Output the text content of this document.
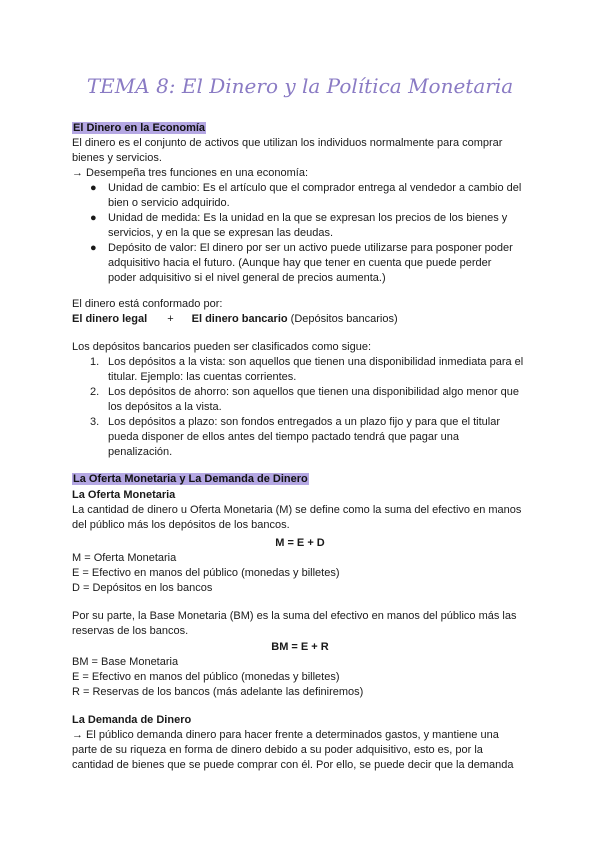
TEMA 8: El Dinero y la Política Monetaria
El Dinero en la Economía
El dinero es el conjunto de activos que utilizan los individuos normalmente para comprar
bienes y servicios.
→ Desempeña tres funciones en una economía:
● Unidad de cambio: Es el artículo que el comprador entrega al vendedor a cambio del
bien o servicio adquirido.
● Unidad de medida: Es la unidad en la que se expresan los precios de los bienes y
servicios, y en la que se expresan las deudas.
● Depósito de valor: El dinero por ser un activo puede utilizarse para posponer poder
adquisitivo hacia el futuro. (Aunque hay que tener en cuenta que puede perder
poder adquisitivo si el nivel general de precios aumenta.)
El dinero está conformado por:
El dinero legal + El dinero bancario (Depósitos bancarios)
Los depósitos bancarios pueden ser clasificados como sigue:
1. Los depósitos a la vista: son aquellos que tienen una disponibilidad inmediata para el
titular. Ejemplo: las cuentas corrientes.
2. Los depósitos de ahorro: son aquellos que tienen una disponibilidad algo menor que
los depósitos a la vista.
3. Los depósitos a plazo: son fondos entregados a un plazo fijo y para que el titular
pueda disponer de ellos antes del tiempo pactado tendrá que pagar una
penalización.
La Oferta Monetaria y La Demanda de Dinero
La Oferta Monetaria
La cantidad de dinero u Oferta Monetaria (M) se define como la suma del efectivo en manos
del público más los depósitos de los bancos.
M = E + D
M = Oferta Monetaria
E = Efectivo en manos del público (monedas y billetes)
D = Depósitos en los bancos
Por su parte, la Base Monetaria (BM) es la suma del efectivo en manos del público más las
reservas de los bancos.
BM = E + R
BM = Base Monetaria
E = Efectivo en manos del público (monedas y billetes)
R = Reservas de los bancos (más adelante las definiremos)
La Demanda de Dinero
→ El público demanda dinero para hacer frente a determinados gastos, y mantiene una
parte de su riqueza en forma de dinero debido a su poder adquisitivo, esto es, por la
cantidad de bienes que se puede comprar con él. Por ello, se puede decir que la demanda
